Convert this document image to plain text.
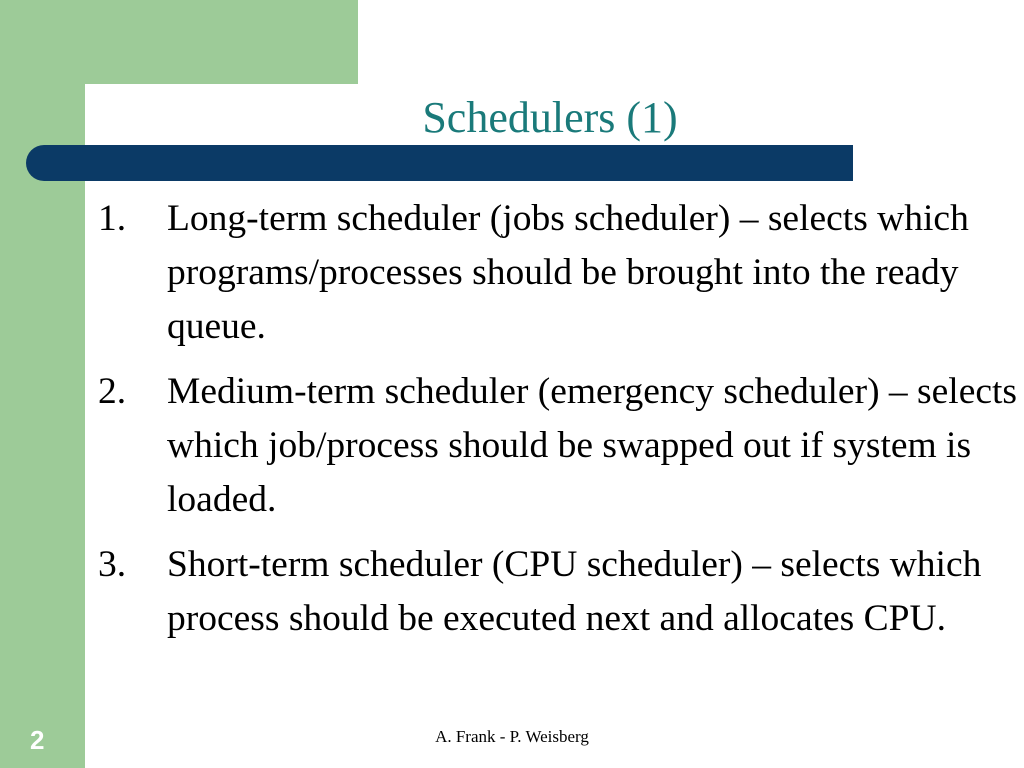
Schedulers (1)
1. Long-term scheduler (jobs scheduler) – selects which programs/processes should be brought into the ready queue.
2. Medium-term scheduler (emergency scheduler) – selects which job/process should be swapped out if system is loaded.
3. Short-term scheduler (CPU scheduler) – selects which process should be executed next and allocates CPU.
2	A. Frank - P. Weisberg
